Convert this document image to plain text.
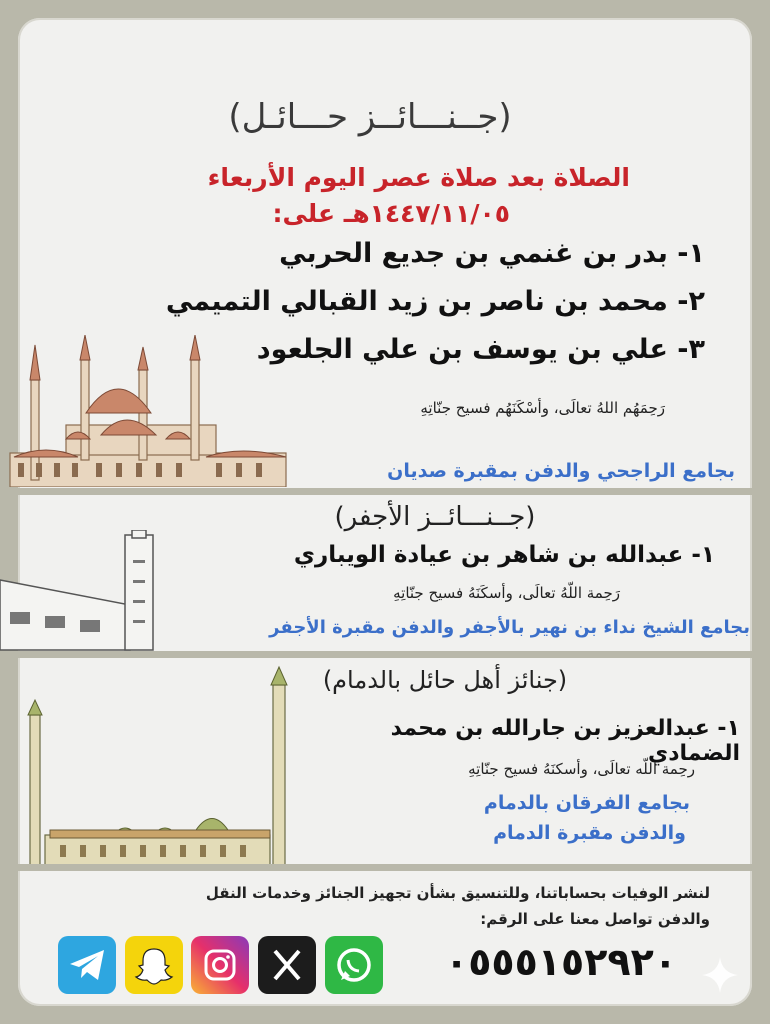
(جــنـــائــز حـــائـل)
الصلاة بعد صلاة عصر اليوم الأربعاء
١٤٤٧/١١/٠٥هـ على:
١- بدر بن غنمي بن جديع الحربي
٢- محمد بن ناصر بن زيد القبالي التميمي
٣- علي بن يوسف بن علي الجلعود
رَحِمَهُم اللهُ تعالَى، وأسْكَنَهُم فسيح جنّاتِهِ
بجامع الراجحي والدفن بمقبرة صديان
(جــنـــائــز الأجفر)
١- عبدالله بن شاهر بن عيادة الويباري
رَحِمة اللّهُ تعالَى، وأسكَنَهُ فسيح جنّاتِهِ
بجامع الشيخ نداء بن نهير بالأجفر والدفن مقبرة الأجفر
(جنائز أهل حائل بالدمام)
١- عبدالعزيز بن جارالله بن محمد الضمادي
رحِمة اللّه تعالَى، وأسكنَهُ فسيح جنّاتِهِ
بجامع الفرقان بالدمام
والدفن مقبرة الدمام
لنشر الوفيات بحساباتنا، وللتنسيق بشأن تجهيز الجنائز وخدمات النقل
والدفن تواصل معنا على الرقم:
٠٥٥٥١٥٢٩٢٠
